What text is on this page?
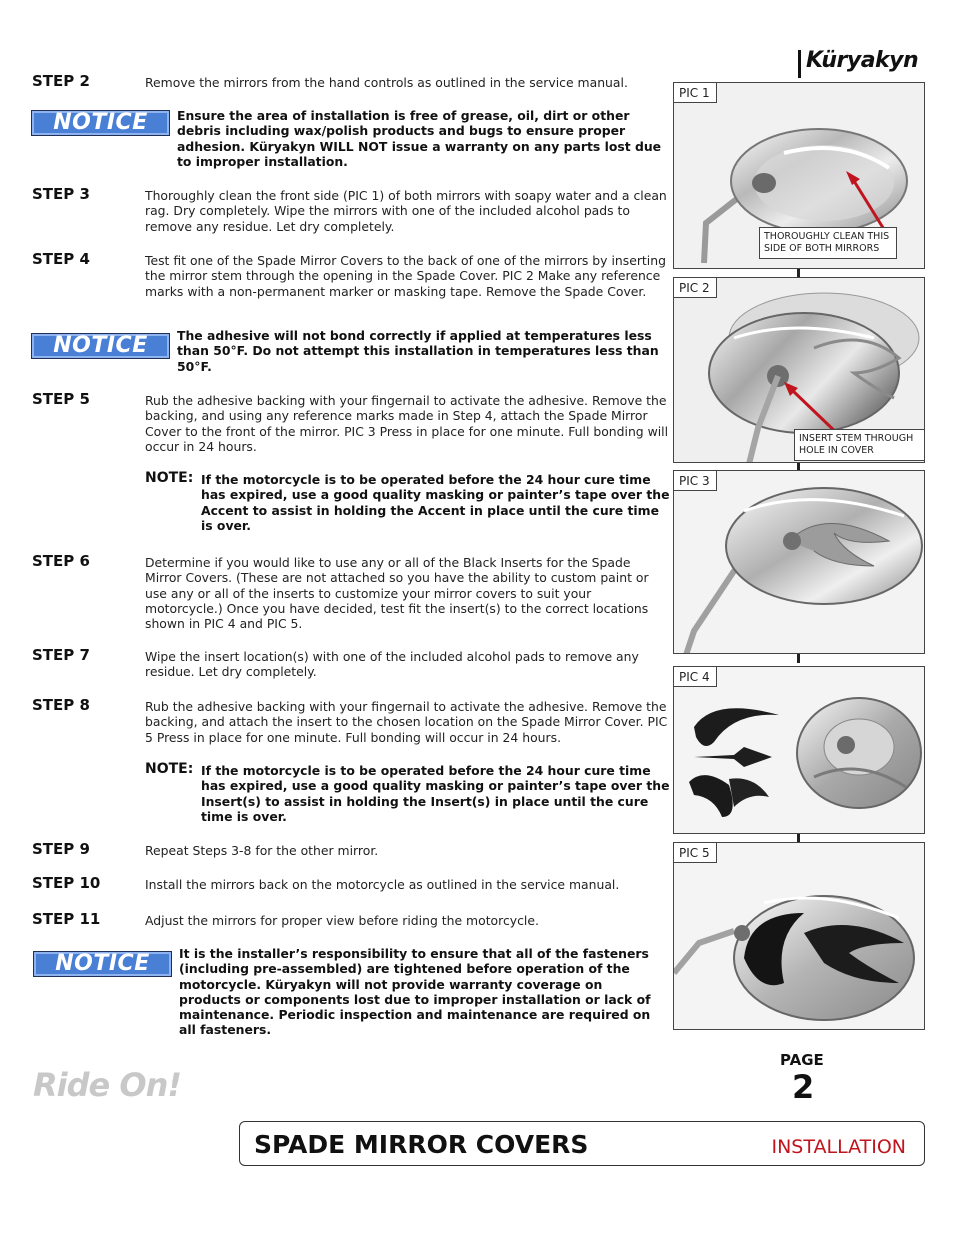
Küryakyn
STEP 2	Remove the mirrors from the hand controls as outlined in the service manual.
NOTICE	Ensure the area of installation is free of grease, oil, dirt or other debris including wax/polish products and bugs to ensure proper adhesion. Küryakyn WILL NOT issue a warranty on any parts lost due to improper installation.
STEP 3	Thoroughly clean the front side (PIC 1) of both mirrors with soapy water and a clean rag. Dry completely. Wipe the mirrors with one of the included alcohol pads to remove any residue. Let dry completely.
STEP 4	Test fit one of the Spade Mirror Covers to the back of one of the mirrors by inserting the mirror stem through the opening in the Spade Cover. PIC 2 Make any reference marks with a non-permanent marker or masking tape. Remove the Spade Cover.
NOTICE	The adhesive will not bond correctly if applied at temperatures less than 50°F. Do not attempt this installation in temperatures less than 50°F.
STEP 5	Rub the adhesive backing with your fingernail to activate the adhesive. Remove the backing, and using any reference marks made in Step 4, attach the Spade Mirror Cover to the front of the mirror. PIC 3 Press in place for one minute. Full bonding will occur in 24 hours.
NOTE: If the motorcycle is to be operated before the 24 hour cure time has expired, use a good quality masking or painter’s tape over the Accent to assist in holding the Accent in place until the cure time is over.
STEP 6	Determine if you would like to use any or all of the Black Inserts for the Spade Mirror Covers. (These are not attached so you have the ability to custom paint or use any or all of the inserts to customize your mirror covers to suit your motorcycle.) Once you have decided, test fit the insert(s) to the correct locations shown in PIC 4 and PIC 5.
STEP 7	Wipe the insert location(s) with one of the included alcohol pads to remove any residue. Let dry completely.
STEP 8	Rub the adhesive backing with your fingernail to activate the adhesive. Remove the backing, and attach the insert to the chosen location on the Spade Mirror Cover. PIC 5 Press in place for one minute. Full bonding will occur in 24 hours.
NOTE: If the motorcycle is to be operated before the 24 hour cure time has expired, use a good quality masking or painter’s tape over the Insert(s) to assist in holding the Insert(s) in place until the cure time is over.
STEP 9	Repeat Steps 3-8 for the other mirror.
STEP 10	Install the mirrors back on the motorcycle as outlined in the service manual.
STEP 11	Adjust the mirrors for proper view before riding the motorcycle.
NOTICE	It is the installer’s responsibility to ensure that all of the fasteners (including pre-assembled) are tightened before operation of the motorcycle. Küryakyn will not provide warranty coverage on products or components lost due to improper installation or lack of maintenance. Periodic inspection and maintenance are required on all fasteners.
PIC 1
THOROUGHLY CLEAN THIS SIDE OF BOTH MIRRORS
PIC 2
INSERT STEM THROUGH HOLE IN COVER
PIC 3
PIC 4
PIC 5
PAGE
2
Ride On!
SPADE MIRROR COVERS	INSTALLATION
